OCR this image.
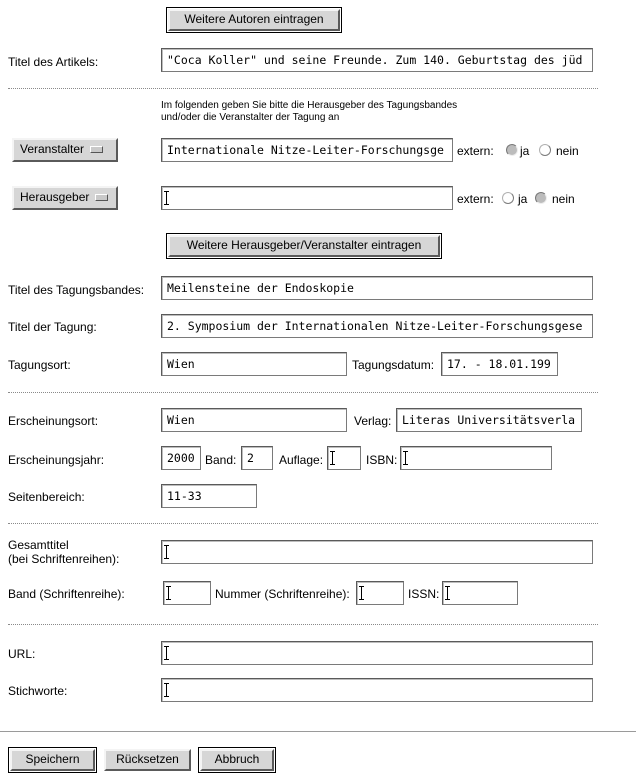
Weitere Autoren eintragen
Titel des Artikels:	"Coca Koller" und seine Freunde. Zum 140. Geburtstag des jüd
Im folgenden geben Sie bitte die Herausgeber des Tagungsbandes
und/oder die Veranstalter der Tagung an
Veranstalter	Internationale Nitze-Leiter-Forschungsge	extern: ja nein
Herausgeber	extern: ja nein
Weitere Herausgeber/Veranstalter eintragen
Titel des Tagungsbandes:	Meilensteine der Endoskopie
Titel der Tagung:	2. Symposium der Internationalen Nitze-Leiter-Forschungsgese
Tagungsort:	Wien	Tagungsdatum:	17. - 18.01.199
Erscheinungsort:	Wien	Verlag: Literas Universitätsverla
Erscheinungsjahr:	2000 Band: 2	Auflage:	ISBN:
Seitenbereich:	11-33
Gesamttitel
(bei Schriftenreihen):
Band (Schriftenreihe):	Nummer (Schriftenreihe):	ISSN:
URL:
Stichworte:
Speichern	Rücksetzen	Abbruch
